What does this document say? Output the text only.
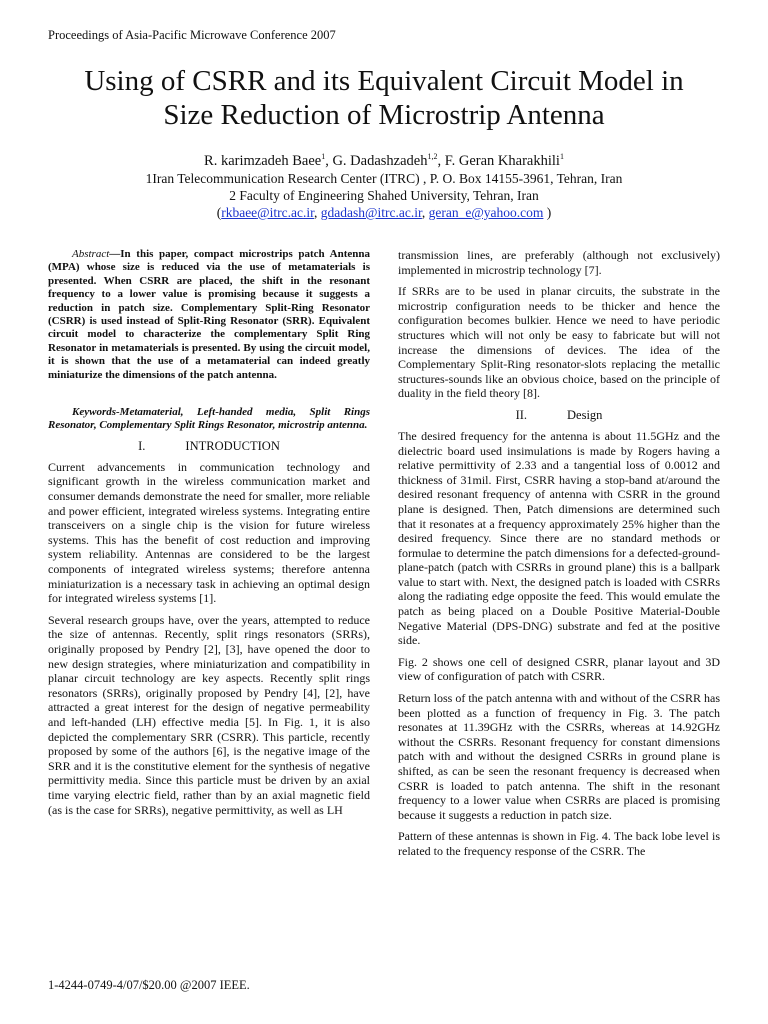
Proceedings of Asia-Pacific Microwave Conference 2007
Using of CSRR and its Equivalent Circuit Model in
Size Reduction of Microstrip Antenna
R. karimzadeh Baee$^1$, G. Dadashzadeh$^{1,2}$, F. Geran Kharakhili$^1$
1Iran Telecommunication Research Center (ITRC) , P. O. Box 14155-3961, Tehran, Iran
2 Faculty of Engineering Shahed University, Tehran, Iran
(rkbaee@itrc.ac.ir, gdadash@itrc.ac.ir, geran_e@yahoo.com )

Abstract—In this paper, compact microstrips patch Antenna (MPA) whose size is reduced via the use of metamaterials is presented. When CSRR are placed, the shift in the resonant frequency to a lower value is promising because it suggests a reduction in patch size. Complementary Split-Ring Resonator (CSRR) is used instead of Split-Ring Resonator (SRR). Equivalent circuit model to characterize the complementary Split Ring Resonator in metamaterials is presented. By using the circuit model, it is shown that the use of a metamaterial can indeed greatly miniaturize the dimensions of the patch antenna.

Keywords-Metamaterial, Left-handed media, Split Rings Resonator, Complementary Split Rings Resonator, microstrip antenna.

I.	INTRODUCTION

Current advancements in communication technology and significant growth in the wireless communication market and consumer demands demonstrate the need for smaller, more reliable and power efficient, integrated wireless systems. Integrating entire transceivers on a single chip is the vision for future wireless systems. This has the benefit of cost reduction and improving system reliability. Antennas are considered to be the largest components of integrated wireless systems; therefore antenna miniaturization is a necessary task in achieving an optimal design for integrated wireless systems [1].

Several research groups have, over the years, attempted to reduce the size of antennas. Recently, split rings resonators (SRRs), originally proposed by Pendry [2], [3], have opened the door to new design strategies, where miniaturization and compatibility in planar circuit technology are key aspects. Recently split rings resonators (SRRs), originally proposed by Pendry [4], [2], have attracted a great interest for the design of negative permeability and left-handed (LH) effective media [5]. In Fig. 1, it is also depicted the complementary SRR (CSRR). This particle, recently proposed by some of the authors [6], is the negative image of the SRR and it is the constitutive element for the synthesis of negative permittivity media. Since this particle must be driven by an axial time varying electric field, rather than by an axial magnetic field (as is the case for SRRs), negative permittivity, as well as LH

transmission lines, are preferably (although not exclusively) implemented in microstrip technology [7].

If SRRs are to be used in planar circuits, the substrate in the microstrip configuration needs to be thicker and hence the configuration becomes bulkier. Hence we need to have periodic structures which will not only be easy to fabricate but will not increase the dimensions of devices. The idea of the Complementary Split-Ring resonator-slots replacing the metallic structures-sounds like an obvious choice, based on the principle of duality in the field theory [8].

II.	Design

The desired frequency for the antenna is about 11.5GHz and the dielectric board used insimulations is made by Rogers having a relative permittivity of 2.33 and a tangential loss of 0.0012 and thickness of 31mil. First, CSRR having a stop-band at/around the desired resonant frequency of antenna with CSRR in the ground plane is designed. Then, Patch dimensions are determined such that it resonates at a frequency approximately 25% higher than the desired frequency. Since there are no standard methods or formulae to determine the patch dimensions for a defected-ground-plane-patch (patch with CSRRs in ground plane) this is a ballpark value to start with. Next, the designed patch is loaded with CSRRs along the radiating edge opposite the feed. This would emulate the patch as being placed on a Double Positive Material-Double Negative Material (DPS-DNG) substrate and fed at the positive side.

Fig. 2 shows one cell of designed CSRR, planar layout and 3D view of configuration of patch with CSRR.

Return loss of the patch antenna with and without of the CSRR has been plotted as a function of frequency in Fig. 3. The patch resonates at 11.39GHz with the CSRRs, whereas at 14.92GHz without the CSRRs. Resonant frequency for constant dimensions patch with and without the designed CSRRs in ground plane is shifted, as can be seen the resonant frequency is decreased when CSRR is loaded to patch antenna. The shift in the resonant frequency to a lower value when CSRRs are placed is promising because it suggests a reduction in patch size.

Pattern of these antennas is shown in Fig. 4. The back lobe level is related to the frequency response of the CSRR. The

1-4244-0749-4/07/$20.00 @2007 IEEE.
